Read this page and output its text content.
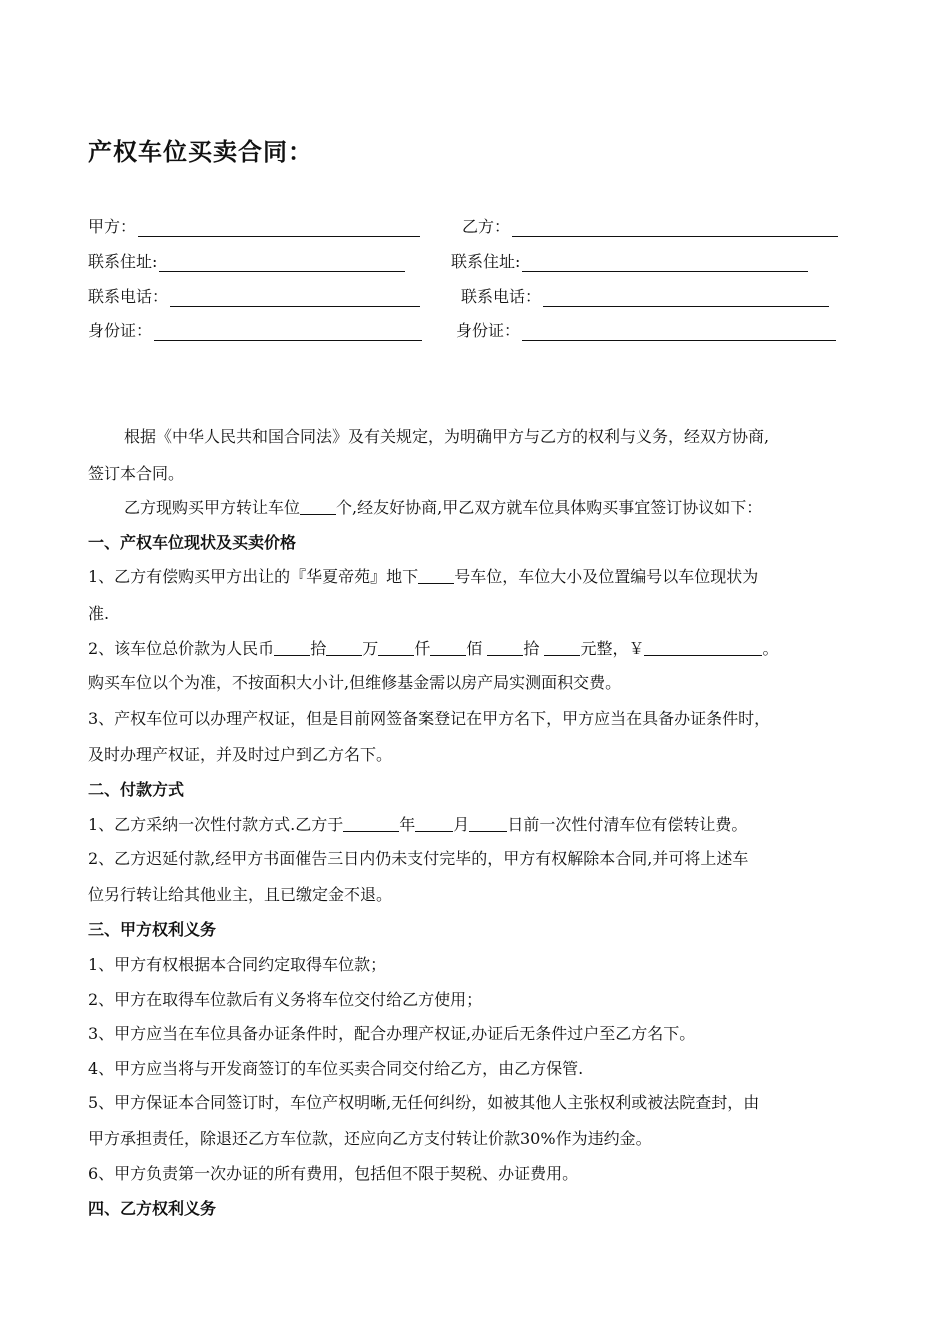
产权车位买卖合同：
甲方：	乙方：
联系住址:	联系住址:
联系电话：	联系电话：
身份证：	身份证：
根据《中华人民共和国合同法》及有关规定，为明确甲方与乙方的权利与义务，经双方协商,
签订本合同。
乙方现购买甲方转让车位 个,经友好协商,甲乙双方就车位具体购买事宜签订协议如下：
一、产权车位现状及买卖价格
1、乙方有偿购买甲方出让的『华夏帝苑』地下 号车位，车位大小及位置编号以车位现状为
准.
2、该车位总价款为人民币 拾 万 仟 佰	拾	元整，￥	。
购买车位以个为准，不按面积大小计,但维修基金需以房产局实测面积交费。
3、产权车位可以办理产权证，但是目前网签备案登记在甲方名下，甲方应当在具备办证条件时，
及时办理产权证，并及时过户到乙方名下。
二、付款方式
1、乙方采纳一次性付款方式.乙方于	年 月 日前一次性付清车位有偿转让费。
2、乙方迟延付款,经甲方书面催告三日内仍未支付完毕的，甲方有权解除本合同,并可将上述车
位另行转让给其他业主，且已缴定金不退。
三、甲方权利义务
1、甲方有权根据本合同约定取得车位款；
2、甲方在取得车位款后有义务将车位交付给乙方使用；
3、甲方应当在车位具备办证条件时，配合办理产权证,办证后无条件过户至乙方名下。
4、甲方应当将与开发商签订的车位买卖合同交付给乙方，由乙方保管.
5、甲方保证本合同签订时，车位产权明晰,无任何纠纷，如被其他人主张权利或被法院查封，由
甲方承担责任，除退还乙方车位款，还应向乙方支付转让价款30%作为违约金。
6、甲方负责第一次办证的所有费用，包括但不限于契税、办证费用。
四、乙方权利义务
